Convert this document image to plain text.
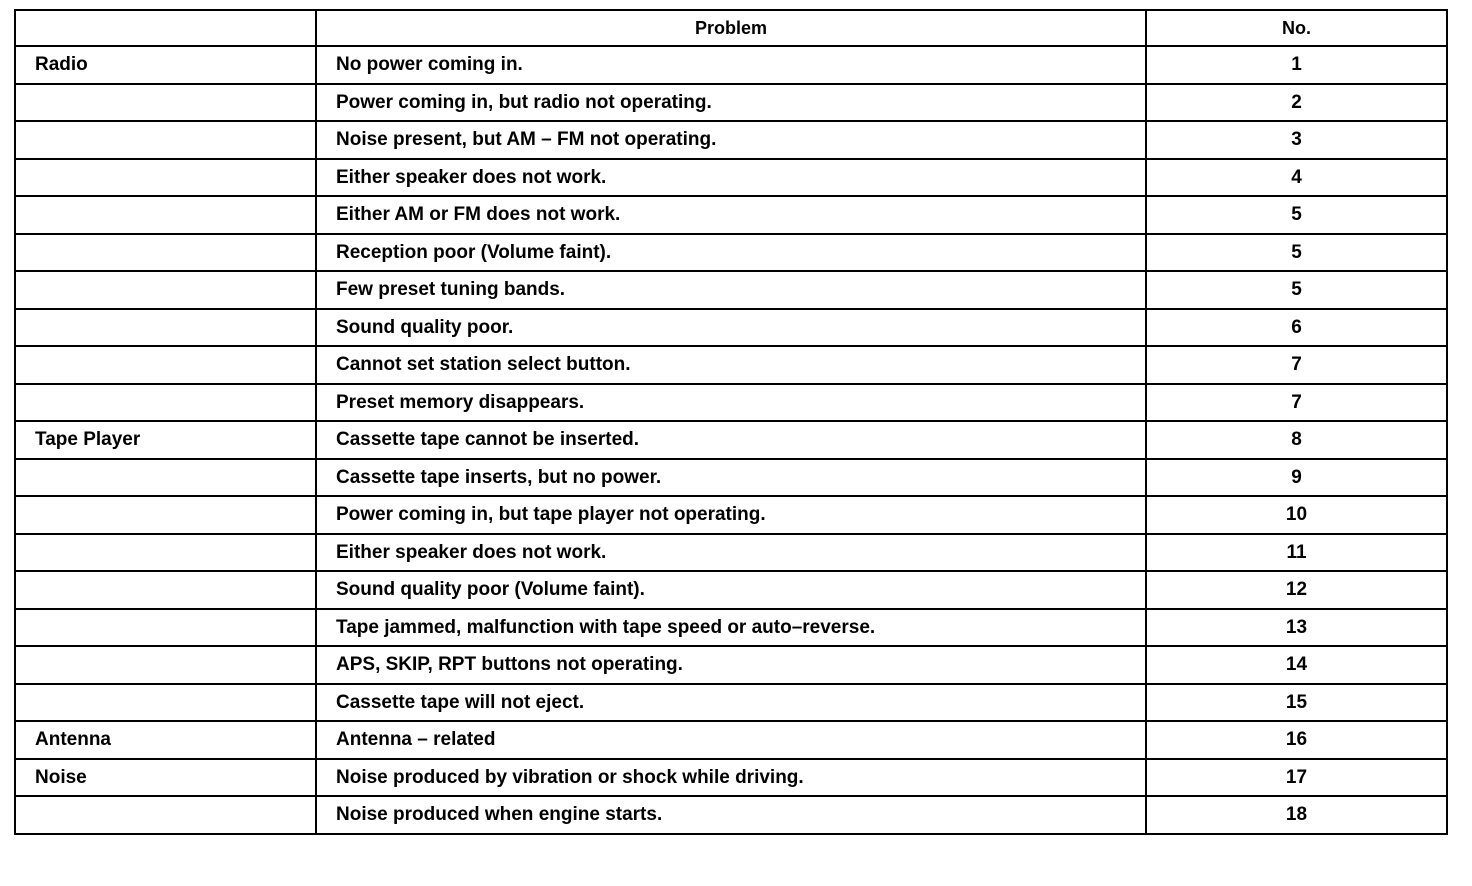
	Problem	No.
Radio	No power coming in.	1
	Power coming in, but radio not operating.	2
	Noise present, but AM – FM not operating.	3
	Either speaker does not work.	4
	Either AM or FM does not work.	5
	Reception poor (Volume faint).	5
	Few preset tuning bands.	5
	Sound quality poor.	6
	Cannot set station select button.	7
	Preset memory disappears.	7
Tape Player	Cassette tape cannot be inserted.	8
	Cassette tape inserts, but no power.	9
	Power coming in, but tape player not operating.	10
	Either speaker does not work.	11
	Sound quality poor (Volume faint).	12
	Tape jammed, malfunction with tape speed or auto–reverse.	13
	APS, SKIP, RPT buttons not operating.	14
	Cassette tape will not eject.	15
Antenna	Antenna – related	16
Noise	Noise produced by vibration or shock while driving.	17
	Noise produced when engine starts.	18
